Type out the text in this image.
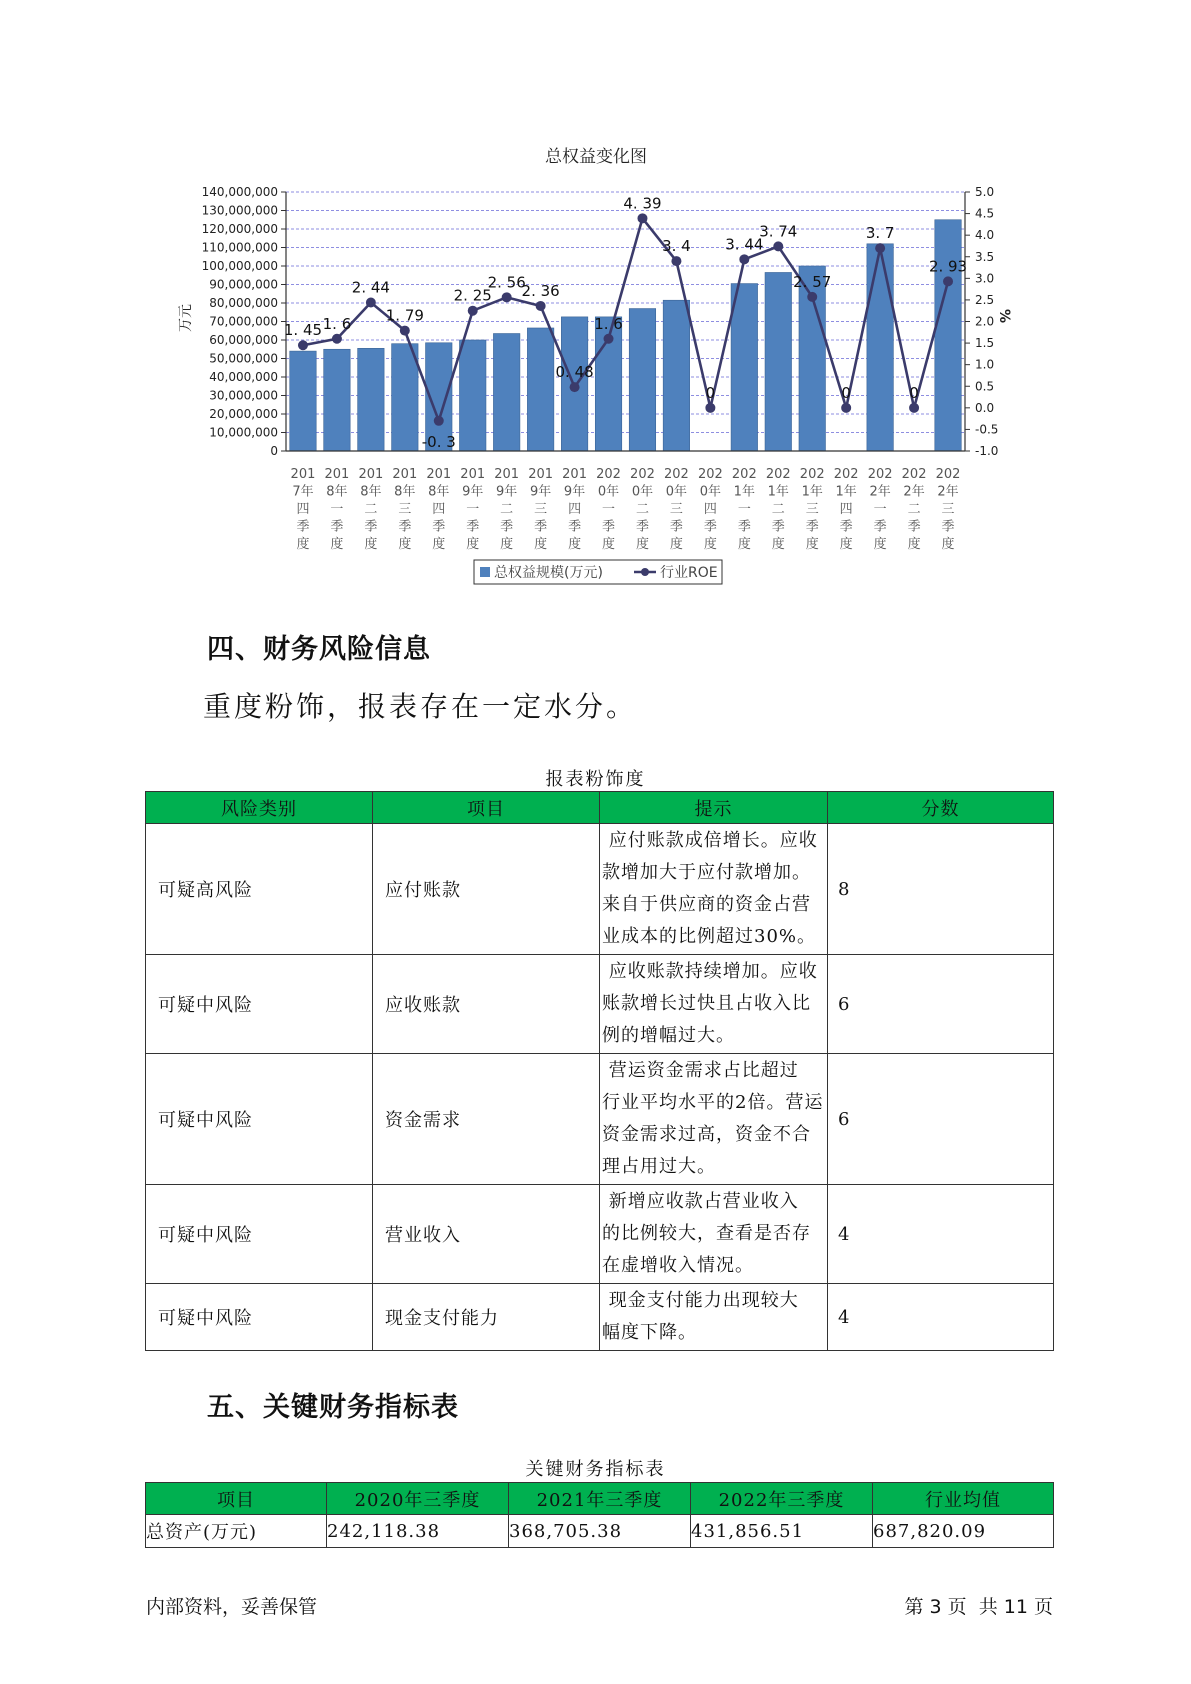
总权益变化图
万元	%
0
10,000,000
20,000,000
30,000,000
40,000,000
50,000,000
60,000,000
70,000,000
80,000,000
90,000,000
100,000,000
110,000,000
120,000,000
130,000,000
140,000,000
-1.0
-0.5
0.0
0.5
1.0
1.5
2.0
2.5
3.0
3.5
4.0
4.5
5.0
1. 45 1. 6
2. 44
1. 79
-0. 3
2. 25
2. 56
2. 36
0. 48
1. 6
4. 39
3. 4
0
3. 44
3. 74
2. 57
0
3. 7
0
2. 93
201
7年
四
季
度
201
8年
一
季
度
201
8年
二
季
度
201
8年
三
季
度
201
8年
四
季
度
201
9年
一
季
度
201
9年
二
季
度
201
9年
三
季
度
201
9年
四
季
度
202
0年
一
季
度
202
0年
二
季
度
202
0年
三
季
度
202
0年
四
季
度
202
1年
一
季
度
202
1年
二
季
度
202
1年
三
季
度
202
1年
四
季
度
202
2年
一
季
度
202
2年
二
季
度
202
2年
三
季
度
总权益规模(万元)	行业ROE
四、财务风险信息
重度粉饰，报表存在一定水分。
报表粉饰度
风险类别	项目	提示	分数
可疑高风险	应付账款	应付账款成倍增长。应收
款增加大于应付款增加。
来自于供应商的资金占营
业成本的比例超过30%。	8
可疑中风险	应收账款	应收账款持续增加。应收
账款增长过快且占收入比
例的增幅过大。	6
可疑中风险	资金需求	营运资金需求占比超过
行业平均水平的2倍。营运
资金需求过高，资金不合
理占用过大。	6
可疑中风险	营业收入	新增应收款占营业收入
的比例较大，查看是否存
在虚增收入情况。	4
可疑中风险	现金支付能力	现金支付能力出现较大
幅度下降。	4
五、关键财务指标表
关键财务指标表
项目	2020年三季度	2021年三季度	2022年三季度	行业均值
总资产(万元)	242,118.38	368,705.38	431,856.51	687,820.09
内部资料，妥善保管	第 3 页  共 11 页
